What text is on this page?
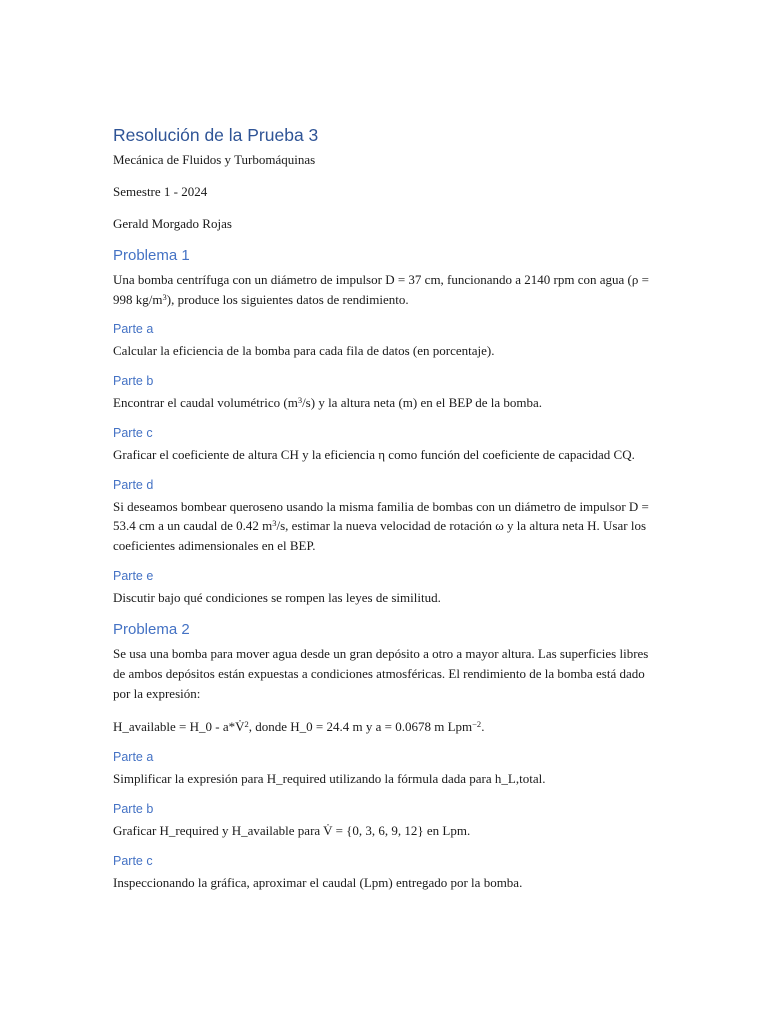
Resolución de la Prueba 3

Mecánica de Fluidos y Turbomáquinas

Semestre 1 - 2024

Gerald Morgado Rojas

Problema 1

Una bomba centrífuga con un diámetro de impulsor D = 37 cm, funcionando a 2140 rpm con agua (ρ = 998 $kg/m^3$), produce los siguientes datos de rendimiento.

Parte a

Calcular la eficiencia de la bomba para cada fila de datos (en porcentaje).

Parte b

Encontrar el caudal volumétrico $(m^3/s)$ y la altura neta (m) en el BEP de la bomba.

Parte c

Graficar el coeficiente de altura CH y la eficiencia η como función del coeficiente de capacidad CQ.

Parte d

Si deseamos bombear queroseno usando la misma familia de bombas con un diámetro de impulsor D = 53.4 cm a un caudal de 0.42 $m^3/s$, estimar la nueva velocidad de rotación ω y la altura neta H. Usar los coeficientes adimensionales en el BEP.

Parte e

Discutir bajo qué condiciones se rompen las leyes de similitud.

Problema 2

Se usa una bomba para mover agua desde un gran depósito a otro a mayor altura. Las superficies libres de ambos depósitos están expuestas a condiciones atmosféricas. El rendimiento de la bomba está dado por la expresión:

H_available = H_0 - a*V̇$^2$, donde H_0 = 24.4 m y a = 0.0678 m Lpm$^{-2}$.

Parte a

Simplificar la expresión para H_required utilizando la fórmula dada para h_L,total.

Parte b

Graficar H_required y H_available para V̇ = {0, 3, 6, 9, 12} en Lpm.

Parte c

Inspeccionando la gráfica, aproximar el caudal (Lpm) entregado por la bomba.
